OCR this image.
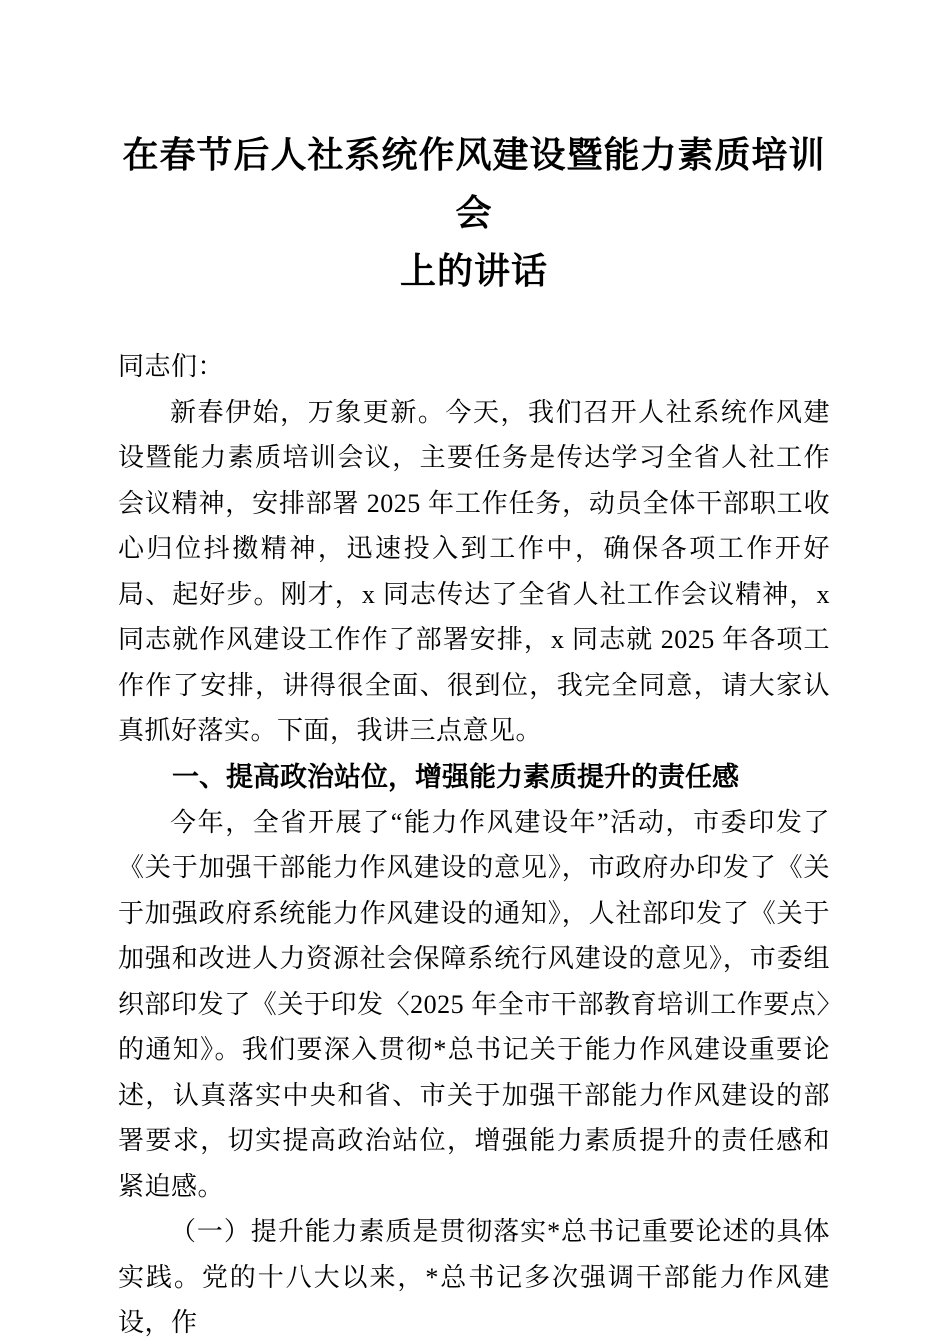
在春节后人社系统作风建设暨能力素质培训会
上的讲话

同志们：

新春伊始，万象更新。今天，我们召开人社系统作风建设暨能力素质培训会议，主要任务是传达学习全省人社工作会议精神，安排部署 2025 年工作任务，动员全体干部职工收心归位抖擞精神，迅速投入到工作中，确保各项工作开好局、起好步。刚才，x 同志传达了全省人社工作会议精神，x 同志就作风建设工作作了部署安排，x 同志就 2025 年各项工作作了安排，讲得很全面、很到位，我完全同意，请大家认真抓好落实。下面，我讲三点意见。

一、提高政治站位，增强能力素质提升的责任感

今年，全省开展了“能力作风建设年”活动，市委印发了《关于加强干部能力作风建设的意见》，市政府办印发了《关于加强政府系统能力作风建设的通知》，人社部印发了《关于加强和改进人力资源社会保障系统行风建设的意见》，市委组织部印发了《关于印发〈2025 年全市干部教育培训工作要点〉的通知》。我们要深入贯彻*总书记关于能力作风建设重要论述，认真落实中央和省、市关于加强干部能力作风建设的部署要求，切实提高政治站位，增强能力素质提升的责任感和紧迫感。

（一）提升能力素质是贯彻落实*总书记重要论述的具体实践。党的十八大以来，*总书记多次强调干部能力作风建设，作
